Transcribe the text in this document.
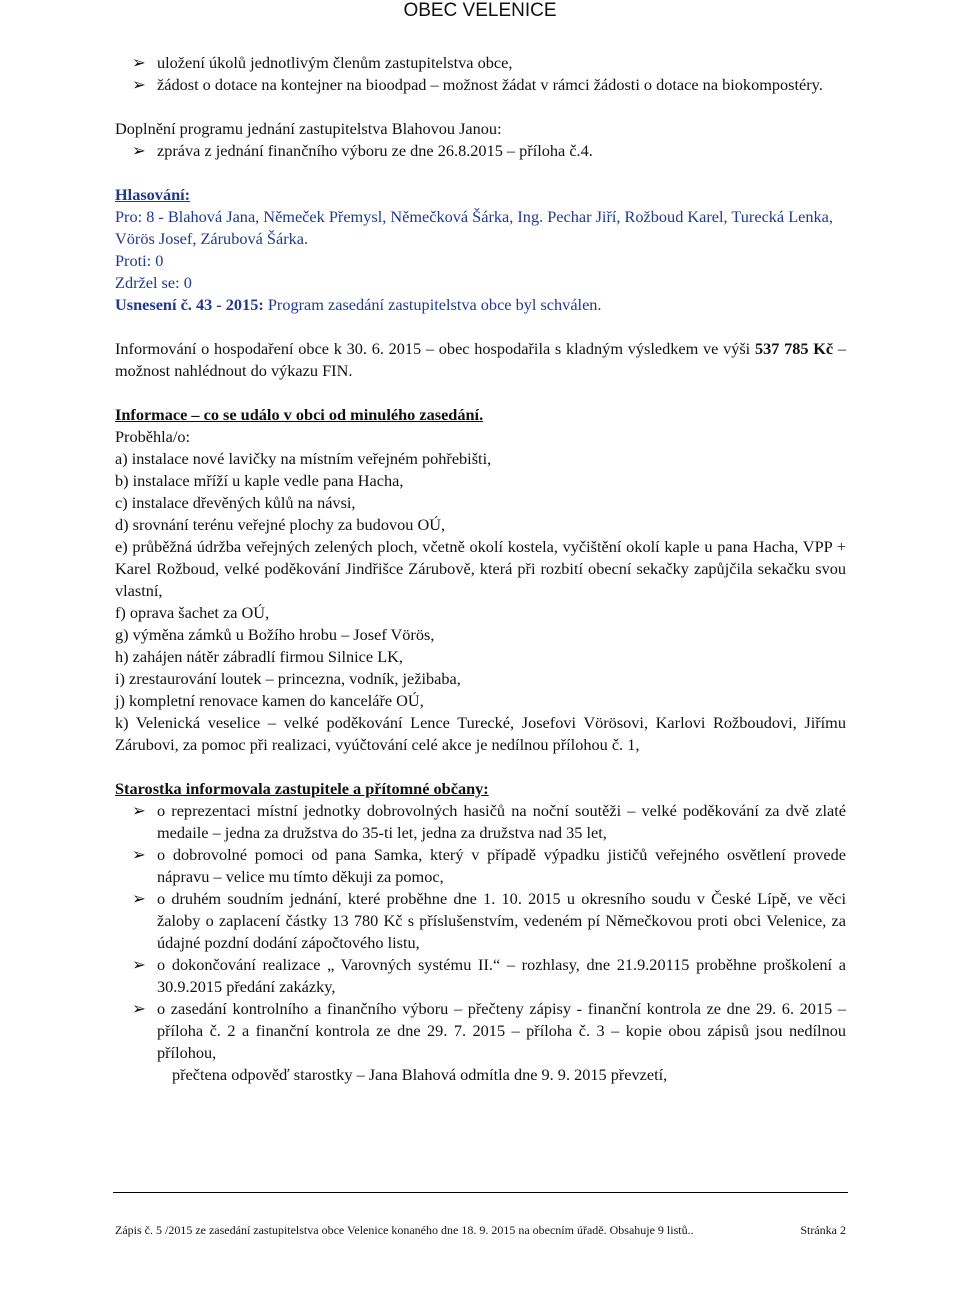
OBEC VELENICE
➢ uložení úkolů jednotlivým členům zastupitelstva obce,
➢ žádost o dotace na kontejner na bioodpad – možnost žádat v rámci žádosti o dotace na biokompostéry.
Doplnění programu jednání zastupitelstva Blahovou Janou:
➢ zpráva z jednání finančního výboru ze dne 26.8.2015 – příloha č.4.
Hlasování:
Pro: 8 - Blahová Jana, Němeček Přemysl, Němečková Šárka, Ing. Pechar Jiří, Rožboud Karel, Turecká Lenka, Vörös Josef, Zárubová Šárka.
Proti: 0
Zdržel se: 0
Usnesení č. 43 - 2015: Program zasedání zastupitelstva obce byl schválen.
Informování o hospodaření obce k 30. 6. 2015 – obec hospodařila s kladným výsledkem ve výši 537 785 Kč – možnost nahlédnout do výkazu FIN.
Informace – co se událo v obci od minulého zasedání.
Proběhla/o:
a) instalace nové lavičky na místním veřejném pohřebišti,
b) instalace mříží u kaple vedle pana Hacha,
c) instalace dřevěných kůlů na návsi,
d) srovnání terénu veřejné plochy za budovou OÚ,
e) průběžná údržba veřejných zelených ploch, včetně okolí kostela, vyčištění okolí kaple u pana Hacha, VPP + Karel Rožboud, velké poděkování Jindřišce Zárubově, která při rozbití obecní sekačky zapůjčila sekačku svou vlastní,
f) oprava šachet za OÚ,
g) výměna zámků u Božího hrobu – Josef Vörös,
h) zahájen nátěr zábradlí firmou Silnice LK,
i) zrestaurování loutek – princezna, vodník, ježibaba,
j) kompletní renovace kamen do kanceláře OÚ,
k) Velenická veselice – velké poděkování Lence Turecké, Josefovi Vörösovi, Karlovi Rožboudovi, Jiřímu Zárubovi, za pomoc při realizaci, vyúčtování celé akce je nedílnou přílohou č. 1,
Starostka informovala zastupitele a přítomné občany:
➢ o reprezentaci místní jednotky dobrovolných hasičů na noční soutěži – velké poděkování za dvě zlaté medaile – jedna za družstva do 35-ti let, jedna za družstva nad 35 let,
➢ o dobrovolné pomoci od pana Samka, který v případě výpadku jističů veřejného osvětlení provede nápravu – velice mu tímto děkuji za pomoc,
➢ o druhém soudním jednání, které proběhne dne 1. 10. 2015 u okresního soudu v České Lípě, ve věci žaloby o zaplacení částky 13 780 Kč s příslušenstvím, vedeném pí Němečkovou proti obci Velenice, za údajné pozdní dodání zápočtového listu,
➢ o dokončování realizace „ Varovných systému II.“ – rozhlasy, dne 21.9.20115 proběhne proškolení a 30.9.2015 předání zakázky,
➢ o zasedání kontrolního a finančního výboru – přečteny zápisy - finanční kontrola ze dne 29. 6. 2015 – příloha č. 2 a finanční kontrola ze dne 29. 7. 2015 – příloha č. 3 – kopie obou zápisů jsou nedílnou přílohou,
přečtena odpověď starostky – Jana Blahová odmítla dne 9. 9. 2015 převzetí,
Zápis č. 5 /2015 ze zasedání zastupitelstva obce Velenice konaného dne 18. 9. 2015 na obecním úřadě. Obsahuje 9 listů..	Stránka 2
